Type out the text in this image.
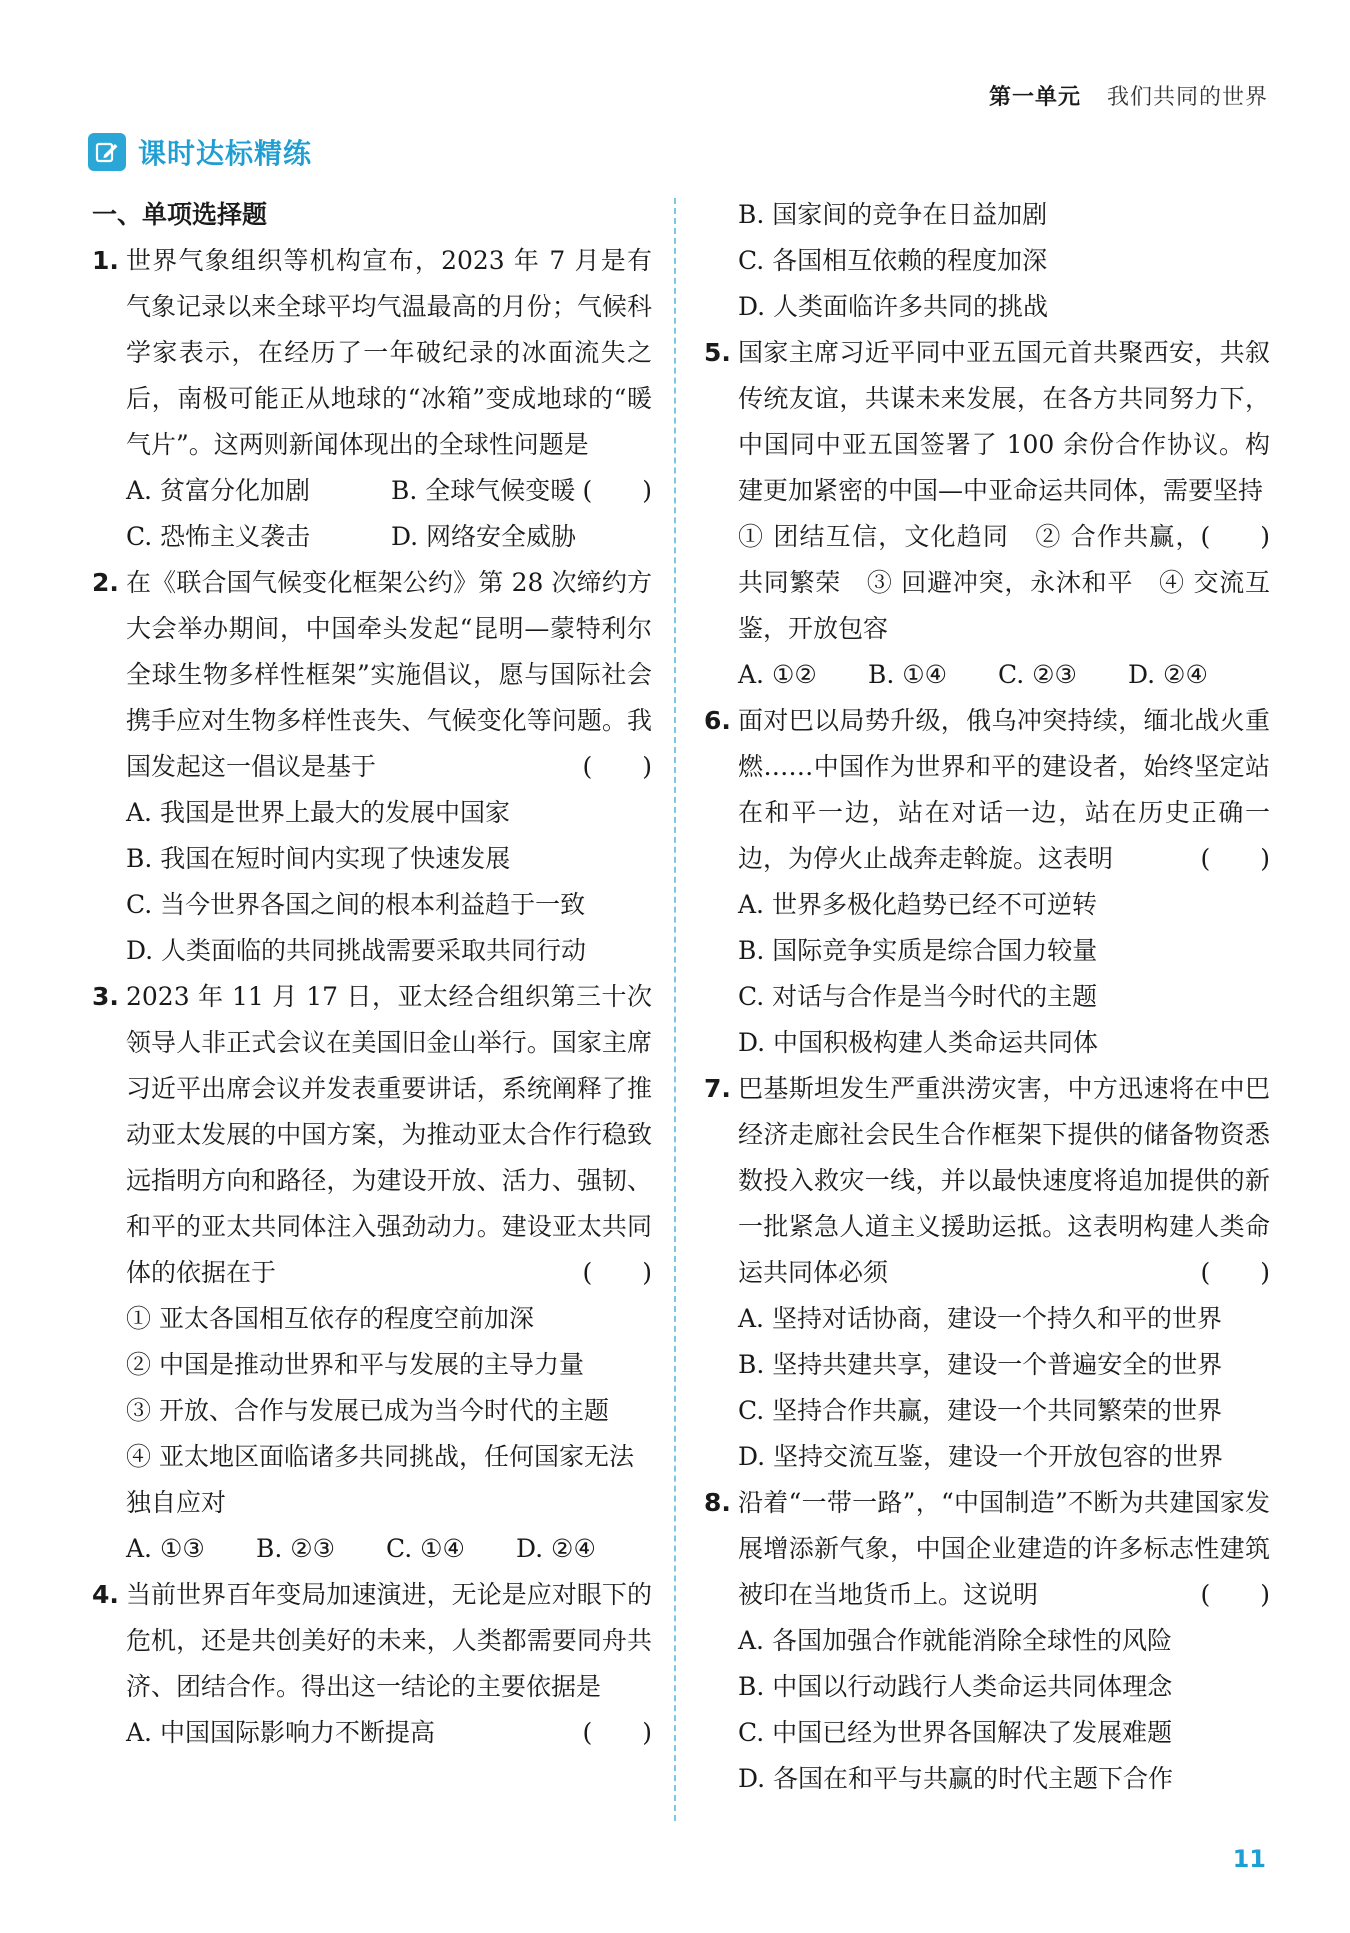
第一单元 我们共同的世界
课时达标精练
一、单项选择题
1. 世界气象组织等机构宣布，2023 年 7 月是有气象记录以来全球平均气温最高的月份；气候科学家表示，在经历了一年破纪录的冰面流失之后，南极可能正从地球的“冰箱”变成地球的“暖气片”。这两则新闻体现出的全球性问题是
(　　)
A. 贫富分化加剧	B. 全球气候变暖
C. 恐怖主义袭击	D. 网络安全威胁
2. 在《联合国气候变化框架公约》第 28 次缔约方大会举办期间，中国牵头发起“昆明—蒙特利尔全球生物多样性框架”实施倡议，愿与国际社会携手应对生物多样性丧失、气候变化等问题。我国发起这一倡议是基于	(　　)
A. 我国是世界上最大的发展中国家
B. 我国在短时间内实现了快速发展
C. 当今世界各国之间的根本利益趋于一致
D. 人类面临的共同挑战需要采取共同行动
3. 2023 年 11 月 17 日，亚太经合组织第三十次领导人非正式会议在美国旧金山举行。国家主席习近平出席会议并发表重要讲话，系统阐释了推动亚太发展的中国方案，为推动亚太合作行稳致远指明方向和路径，为建设开放、活力、强韧、和平的亚太共同体注入强劲动力。建设亚太共同体的依据在于	(　　)
① 亚太各国相互依存的程度空前加深
② 中国是推动世界和平与发展的主导力量
③ 开放、合作与发展已成为当今时代的主题
④ 亚太地区面临诸多共同挑战，任何国家无法独自应对
A. ①③	B. ②③	C. ①④	D. ②④
4. 当前世界百年变局加速演进，无论是应对眼下的危机，还是共创美好的未来，人类都需要同舟共济、团结合作。得出这一结论的主要依据是
(　　)
A. 中国国际影响力不断提高
B. 国家间的竞争在日益加剧
C. 各国相互依赖的程度加深
D. 人类面临许多共同的挑战
5. 国家主席习近平同中亚五国元首共聚西安，共叙传统友谊，共谋未来发展，在各方共同努力下，中国同中亚五国签署了 100 余份合作协议。构建更加紧密的中国—中亚命运共同体，需要坚持
(　　)
① 团结互信，文化趋同　② 合作共赢，共同繁荣　③ 回避冲突，永沐和平　④ 交流互鉴，开放包容
A. ①②	B. ①④	C. ②③	D. ②④
6. 面对巴以局势升级，俄乌冲突持续，缅北战火重燃……中国作为世界和平的建设者，始终坚定站在和平一边，站在对话一边，站在历史正确一边，为停火止战奔走斡旋。这表明	(　　)
A. 世界多极化趋势已经不可逆转
B. 国际竞争实质是综合国力较量
C. 对话与合作是当今时代的主题
D. 中国积极构建人类命运共同体
7. 巴基斯坦发生严重洪涝灾害，中方迅速将在中巴经济走廊社会民生合作框架下提供的储备物资悉数投入救灾一线，并以最快速度将追加提供的新一批紧急人道主义援助运抵。这表明构建人类命运共同体必须	(　　)
A. 坚持对话协商，建设一个持久和平的世界
B. 坚持共建共享，建设一个普遍安全的世界
C. 坚持合作共赢，建设一个共同繁荣的世界
D. 坚持交流互鉴，建设一个开放包容的世界
8. 沿着“一带一路”，“中国制造”不断为共建国家发展增添新气象，中国企业建造的许多标志性建筑被印在当地货币上。这说明	(　　)
A. 各国加强合作就能消除全球性的风险
B. 中国以行动践行人类命运共同体理念
C. 中国已经为世界各国解决了发展难题
D. 各国在和平与共赢的时代主题下合作
11
